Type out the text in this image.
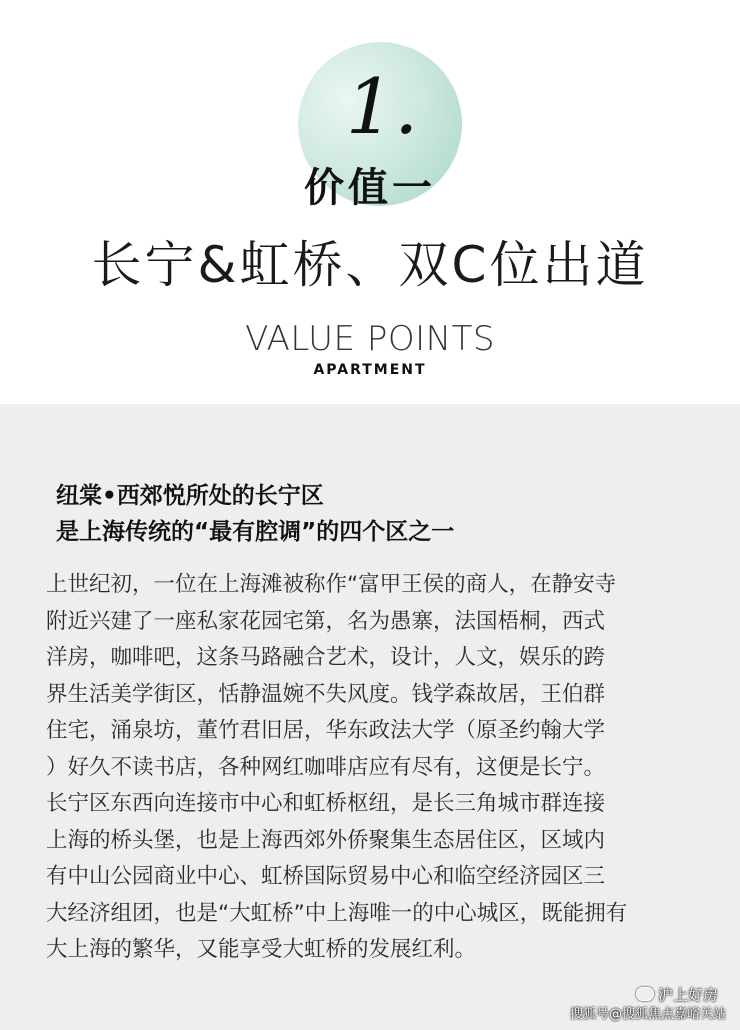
1.
价值一
长宁&虹桥、双C位出道
VALUE POINTS
APARTMENT
纽棠•西郊悦所处的长宁区
是上海传统的“最有腔调”的四个区之一
上世纪初，一位在上海滩被称作“富甲王侯的商人，在静安寺
附近兴建了一座私家花园宅第，名为愚寨，法国梧桐，西式
洋房，咖啡吧，这条马路融合艺术，设计，人文，娱乐的跨
界生活美学街区，恬静温婉不失风度。钱学森故居，王伯群
住宅，涌泉坊，董竹君旧居，华东政法大学（原圣约翰大学
）好久不读书店，各种网红咖啡店应有尽有，这便是长宁。
长宁区东西向连接市中心和虹桥枢纽，是长三角城市群连接
上海的桥头堡，也是上海西郊外侨聚集生态居住区，区域内
有中山公园商业中心、虹桥国际贸易中心和临空经济园区三
大经济组团，也是“大虹桥”中上海唯一的中心城区，既能拥有
大上海的繁华，又能享受大虹桥的发展红利。
沪上好房
搜狐号@搜狐焦点嘉峪关站
